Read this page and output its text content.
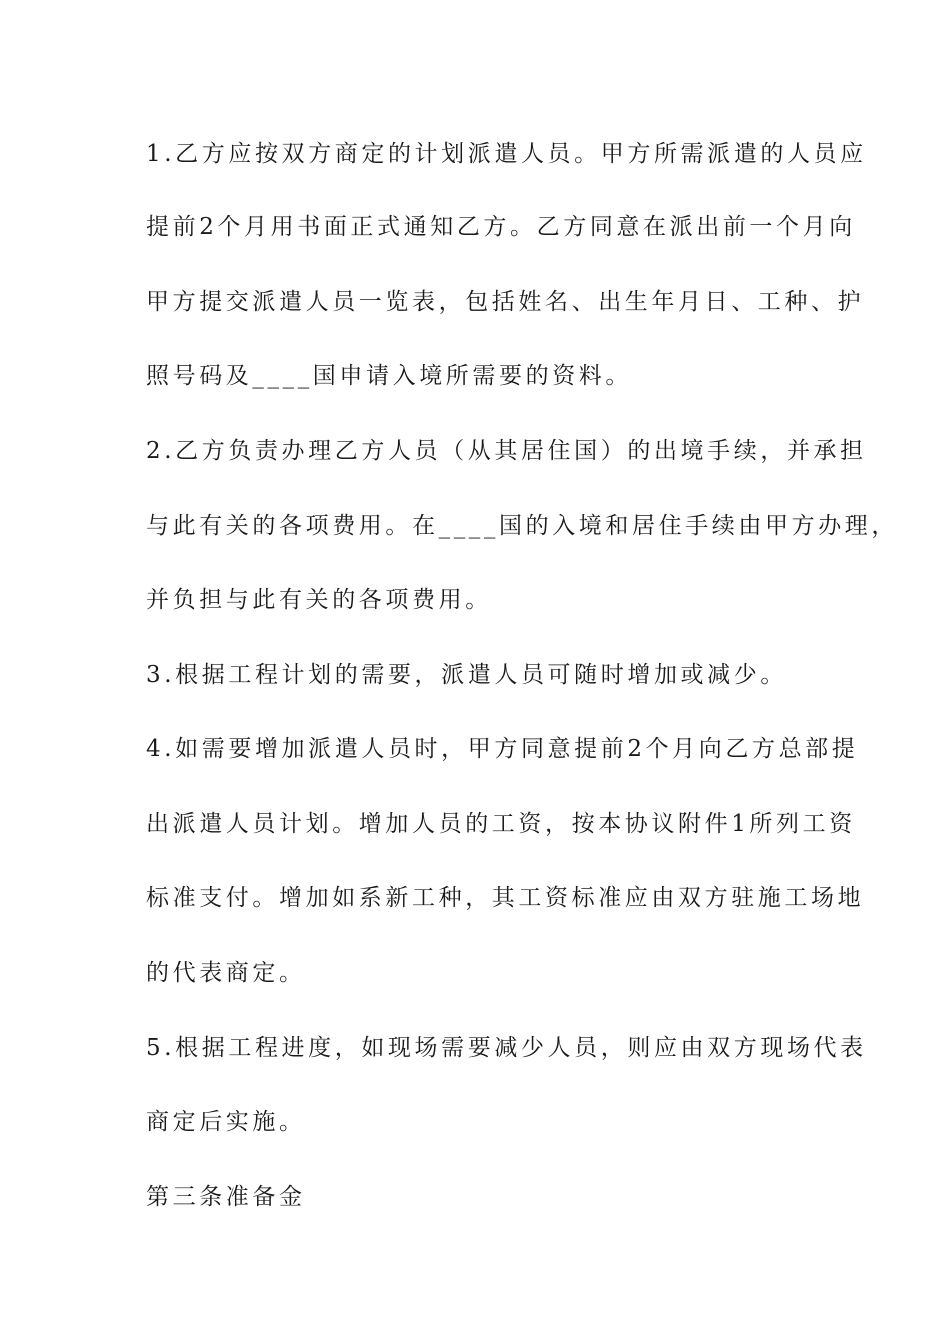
1.乙方应按双方商定的计划派遣人员。甲方所需派遣的人员应
提前2个月用书面正式通知乙方。乙方同意在派出前一个月向
甲方提交派遣人员一览表，包括姓名、出生年月日、工种、护
照号码及____国申请入境所需要的资料。
2.乙方负责办理乙方人员（从其居住国）的出境手续，并承担
与此有关的各项费用。在____国的入境和居住手续由甲方办理，
并负担与此有关的各项费用。
3.根据工程计划的需要，派遣人员可随时增加或减少。
4.如需要增加派遣人员时，甲方同意提前2个月向乙方总部提
出派遣人员计划。增加人员的工资，按本协议附件1所列工资
标准支付。增加如系新工种，其工资标准应由双方驻施工场地
的代表商定。
5.根据工程进度，如现场需要减少人员，则应由双方现场代表
商定后实施。
第三条准备金
